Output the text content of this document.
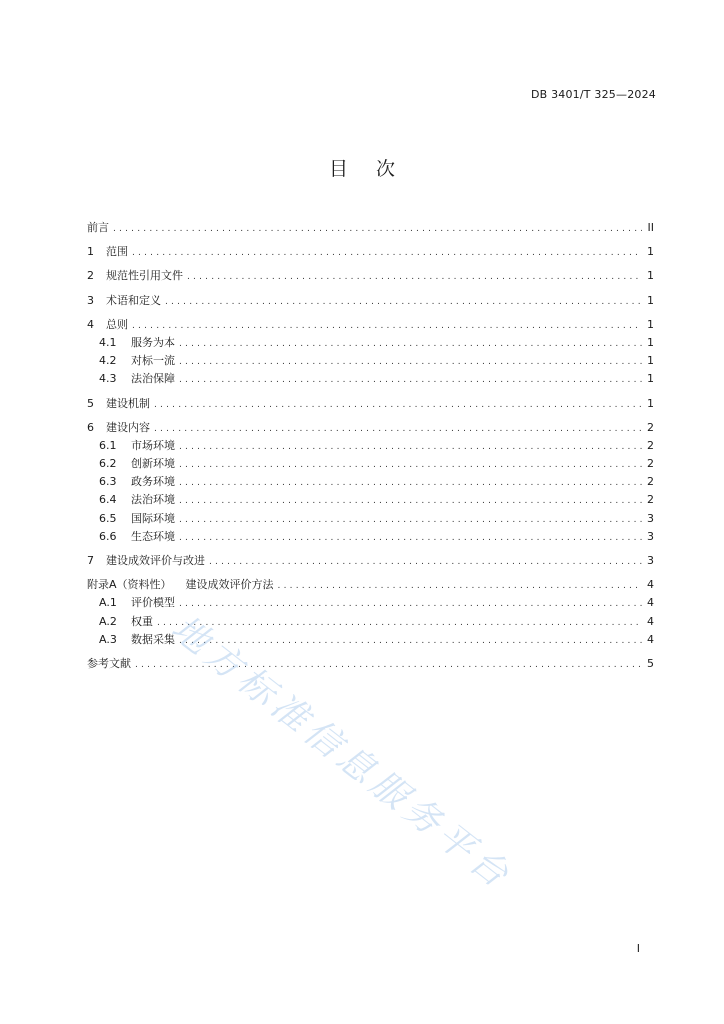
DB 3401/T 325—2024
目次
前言 .....	II
1	范围 .....	1
2	规范性引用文件 .....	1
3	术语和定义 .....	1
4	总则 .....	1
4.1	服务为本 .....	1
4.2	对标一流 .....	1
4.3	法治保障 .....	1
5	建设机制 .....	1
6	建设内容 .....	2
6.1	市场环境 .....	2
6.2	创新环境 .....	2
6.3	政务环境 .....	2
6.4	法治环境 .....	2
6.5	国际环境 .....	3
6.6	生态环境 .....	3
7	建设成效评价与改进 .....	3
附录A（资料性） 建设成效评价方法 .....	4
A.1	评价模型 .....	4
A.2	权重 .....	4
A.3	数据采集 .....	4
参考文献 .....	5
地方标准信息服务平台
I
